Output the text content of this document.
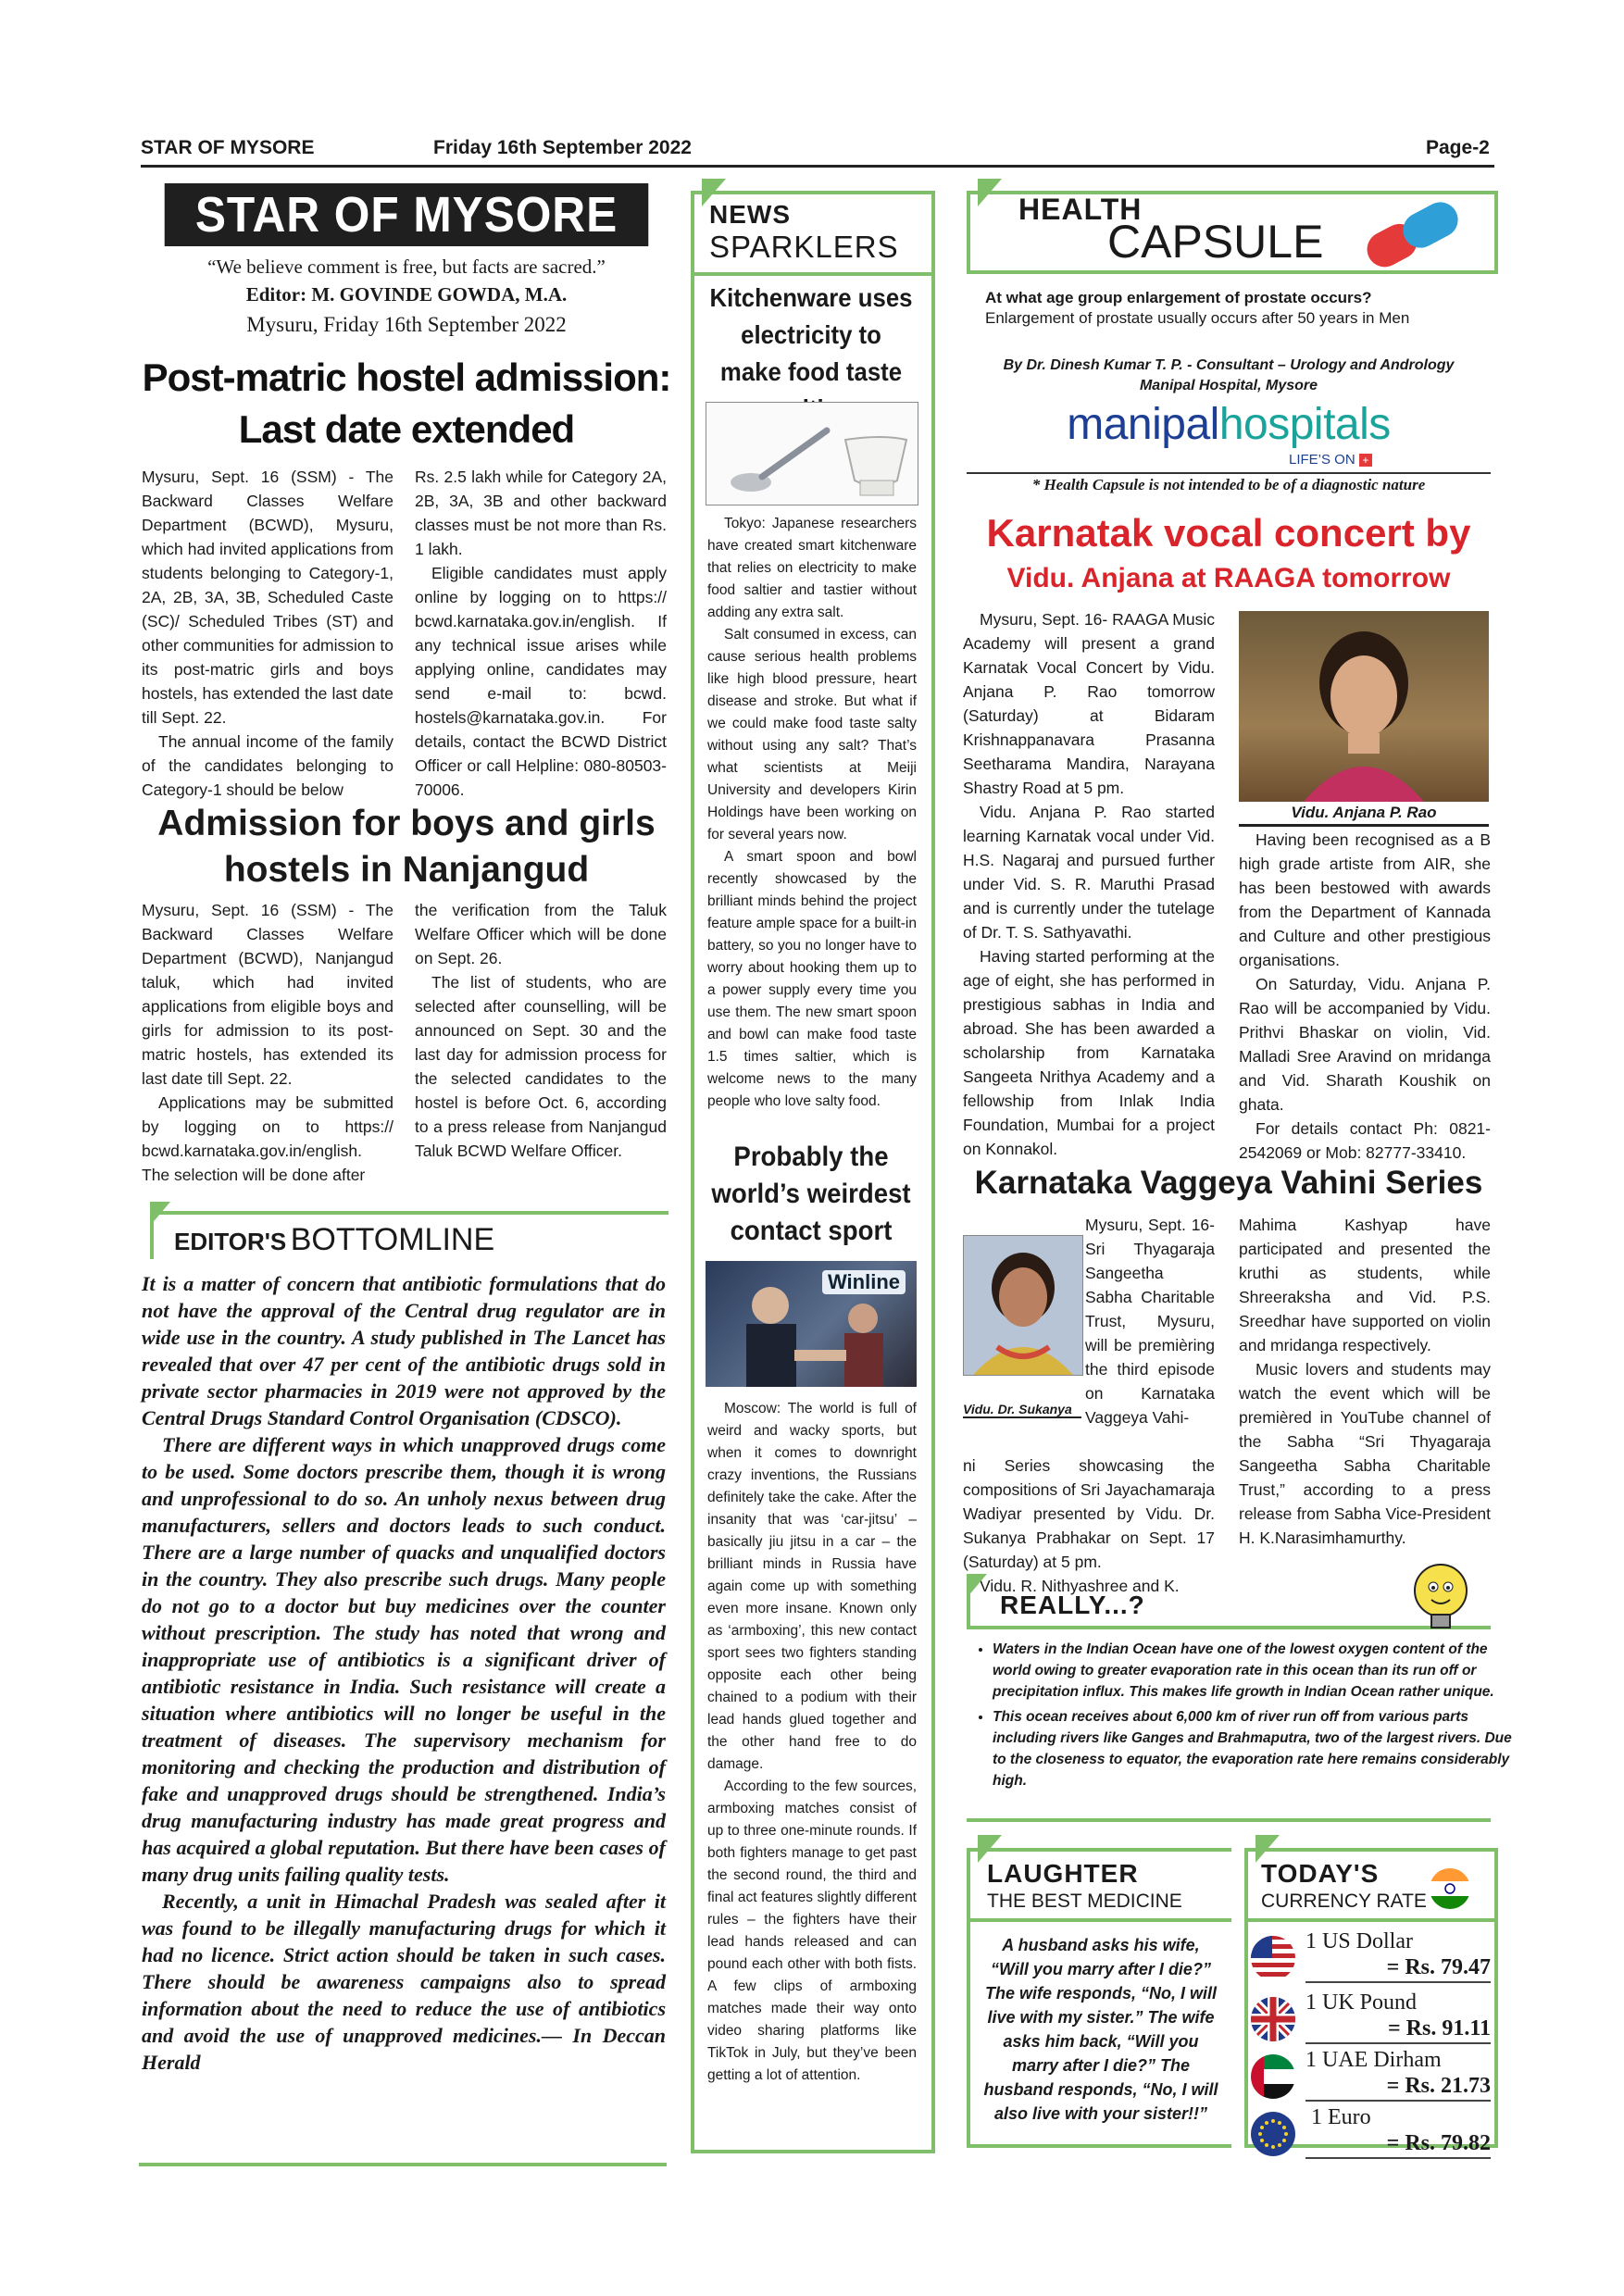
STAR OF MYSORE	Friday 16th September 2022	Page-2
STAR OF MYSORE
“We believe comment is free, but facts are sacred.”
Editor: M. GOVINDE GOWDA, M.A.
Mysuru, Friday 16th September 2022
Post-matric hostel admission:
Last date extended

Mysuru, Sept. 16 (SSM) - The Backward Classes Welfare Department (BCWD), Mysuru, which had invited applications from students belonging to Category-1, 2A, 2B, 3A, 3B, Scheduled Caste (SC)/ Scheduled Tribes (ST) and other communities for admission to its post-matric girls and boys hostels, has extended the last date till Sept. 22.

The annual income of the family of the candidates belonging to Category-1 should be below

Rs. 2.5 lakh while for Category 2A, 2B, 3A, 3B and other backward classes must be not more than Rs. 1 lakh.

Eligible candidates must apply online by logging on to https:// bcwd.karnataka.gov.in/english. If any technical issue arises while applying online, candidates may send e-mail to: bcwd. hostels@karnataka.gov.in. For details, contact the BCWD District Officer or call Helpline: 080-80503-70006.

Admission for boys and girls
hostels in Nanjangud

Mysuru, Sept. 16 (SSM) - The Backward Classes Welfare Department (BCWD), Nanjangud taluk, which had invited applications from eligible boys and girls for admission to its post-matric hostels, has extended its last date till Sept. 22.

Applications may be submitted by logging on to https:// bcwd.karnataka.gov.in/english. The selection will be done after

the verification from the Taluk Welfare Officer which will be done on Sept. 26.

The list of students, who are selected after counselling, will be announced on Sept. 30 and the last day for admission process for the selected candidates to the hostel is before Oct. 6, according to a press release from Nanjangud Taluk BCWD Welfare Officer.

EDITOR'S BOTTOMLINE

It is a matter of concern that antibiotic formulations that do not have the approval of the Central drug regulator are in wide use in the country. A study published in The Lancet has revealed that over 47 per cent of the antibiotic drugs sold in private sector pharmacies in 2019 were not approved by the Central Drugs Standard Control Organisation (CDSCO).

There are different ways in which unapproved drugs come to be used. Some doctors prescribe them, though it is wrong and unprofessional to do so. An unholy nexus between drug manufacturers, sellers and doctors leads to such conduct. There are a large number of quacks and unqualified doctors in the country. They also prescribe such drugs. Many people do not go to a doctor but buy medicines over the counter without prescription. The study has noted that wrong and inappropriate use of antibiotics is a significant driver of antibiotic resistance in India. Such resistance will create a situation where antibiotics will no longer be useful in the treatment of diseases. The supervisory mechanism for monitoring and checking the production and distribution of fake and unapproved drugs should be strengthened. India’s drug manufacturing industry has made great progress and has acquired a global reputation. But there have been cases of many drug units failing quality tests.

Recently, a unit in Himachal Pradesh was sealed after it was found to be illegally manufacturing drugs for which it had no licence. Strict action should be taken in such cases. There should be awareness campaigns also to spread information about the need to reduce the use of antibiotics and avoid the use of unapproved medicines.— In Deccan Herald

NEWS
SPARKLERS
Kitchenware uses electricity to make food taste

Tokyo: Japanese researchers have created smart kitchenware that relies on electricity to make food saltier and tastier without adding any extra salt.

Salt consumed in excess, can cause serious health problems like high blood pressure, heart disease and stroke. But what if we could make food taste salty without using any salt? That’s what scientists at Meiji University and developers Kirin Holdings have been working on for several years now.

A smart spoon and bowl recently showcased by the brilliant minds behind the project feature ample space for a built-in battery, so you no longer have to worry about hooking them up to a power supply every time you use them. The new smart spoon and bowl can make food taste 1.5 times saltier, which is welcome news to the many people who love salty food.

Probably the world’s weirdest contact sport
Winline

Moscow: The world is full of weird and wacky sports, but when it comes to downright crazy inventions, the Russians definitely take the cake. After the insanity that was ‘car-jitsu’ – basically jiu jitsu in a car – the brilliant minds in Russia have again come up with something even more insane. Known only as ‘armboxing’, this new contact sport sees two fighters standing opposite each other being chained to a podium with their lead hands glued together and the other hand free to do damage.

According to the few sources, armboxing matches consist of up to three one-minute rounds. If both fighters manage to get past the second round, the third and final act features slightly different rules – the fighters have their lead hands released and can pound each other with both fists. A few clips of armboxing matches made their way onto video sharing platforms like TikTok in July, but they’ve been getting a lot of attention.

HEALTH
CAPSULE
At what age group enlargement of prostate occurs?
Enlargement of prostate usually occurs after 50 years in Men
By Dr. Dinesh Kumar T. P. - Consultant – Urology and Andrology
Manipal Hospital, Mysore
manipalhospitals
LIFE’S ON +
* Health Capsule is not intended to be of a diagnostic nature
Karnatak vocal concert by
Vidu. Anjana at RAAGA tomorrow

Mysuru, Sept. 16- RAAGA Music Academy will present a grand Karnatak Vocal Concert by Vidu. Anjana P. Rao tomorrow (Saturday) at Bidaram Krishnappanavara Prasanna Seetharama Mandira, Narayana Shastry Road at 5 pm.

Vidu. Anjana P. Rao started learning Karnatak vocal under Vid. H.S. Nagaraj and pursued further under Vid. S. R. Maruthi Prasad and is currently under the tutelage of Dr. T. S. Sathyavathi.

Having started performing at the age of eight, she has performed in prestigious sabhas in India and abroad. She has been awarded a scholarship from Karnataka Sangeeta Nrithya Academy and a fellowship from Inlak India Foundation, Mumbai for a project on Konnakol.

Vidu. Anjana P. Rao

Having been recognised as a B high grade artiste from AIR, she has been bestowed with awards from the Department of Kannada and Culture and other prestigious organisations.

On Saturday, Vidu. Anjana P. Rao will be accompanied by Vidu. Prithvi Bhaskar on violin, Vid. Malladi Sree Aravind on mridanga and Vid. Sharath Koushik on ghata.

For details contact Ph: 0821-2542069 or Mob: 82777-33410.

Karnataka Vaggeya Vahini Series
Vidu. Dr. Sukanya
Mysuru, Sept. 16- Sri Thyagaraja Sangeetha Sabha Charitable Trust, Mysuru, will be premièring the third episode on Karnataka Vaggeya Vahi-

ni Series showcasing the compositions of Sri Jayachamaraja Wadiyar presented by Vidu. Dr. Sukanya Prabhakar on Sept. 17 (Saturday) at 5 pm.

Vidu. R. Nithyashree and K.

Mahima Kashyap have participated and presented the kruthi as students, while Shreeraksha and Vid. P.S. Sreedhar have supported on violin and mridanga respectively.

Music lovers and students may watch the event which will be premièred in YouTube channel of the Sabha “Sri Thyagaraja Sangeetha Sabha Charitable Trust,” according to a press release from Sabha Vice-President H. K.Narasimhamurthy.

REALLY...?
• Waters in the Indian Ocean have one of the lowest oxygen content of the world owing to greater evaporation rate in this ocean than its run off or precipitation influx. This makes life growth in Indian Ocean rather unique.
• This ocean receives about 6,000 km of river run off from various parts including rivers like Ganges and Brahmaputra, two of the largest rivers. Due to the closeness to equator, the evaporation rate here remains considerably high.
LAUGHTER
THE BEST MEDICINE
A husband asks his wife, “Will you marry after I die?” The wife responds, “No, I will live with my sister.” The wife asks him back, “Will you marry after I die?” The husband responds, “No, I will also live with your sister!!”
TODAY'S
CURRENCY RATE
1 US Dollar
= Rs. 79.47
1 UK Pound
= Rs. 91.11
1 UAE Dirham
= Rs. 21.73
1 Euro
= Rs. 79.82
